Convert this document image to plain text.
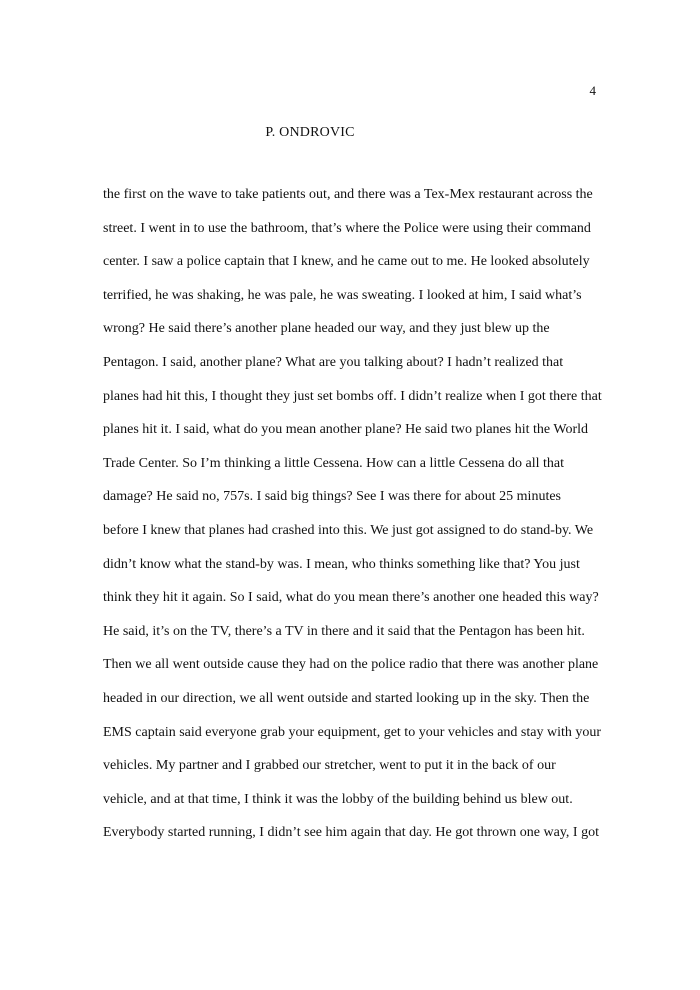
4
P. ONDROVIC
the first on the wave to take patients out, and there was a Tex-Mex restaurant across the
street. I went in to use the bathroom, that’s where the Police were using their command
center. I saw a police captain that I knew, and he came out to me. He looked absolutely
terrified, he was shaking, he was pale, he was sweating. I looked at him, I said what’s
wrong? He said there’s another plane headed our way, and they just blew up the
Pentagon. I said, another plane? What are you talking about? I hadn’t realized that
planes had hit this, I thought they just set bombs off. I didn’t realize when I got there that
planes hit it. I said, what do you mean another plane? He said two planes hit the World
Trade Center. So I’m thinking a little Cessena. How can a little Cessena do all that
damage? He said no, 757s. I said big things? See I was there for about 25 minutes
before I knew that planes had crashed into this. We just got assigned to do stand-by. We
didn’t know what the stand-by was. I mean, who thinks something like that? You just
think they hit it again. So I said, what do you mean there’s another one headed this way?
He said, it’s on the TV, there’s a TV in there and it said that the Pentagon has been hit.
Then we all went outside cause they had on the police radio that there was another plane
headed in our direction, we all went outside and started looking up in the sky. Then the
EMS captain said everyone grab your equipment, get to your vehicles and stay with your
vehicles. My partner and I grabbed our stretcher, went to put it in the back of our
vehicle, and at that time, I think it was the lobby of the building behind us blew out.
Everybody started running, I didn’t see him again that day. He got thrown one way, I got
